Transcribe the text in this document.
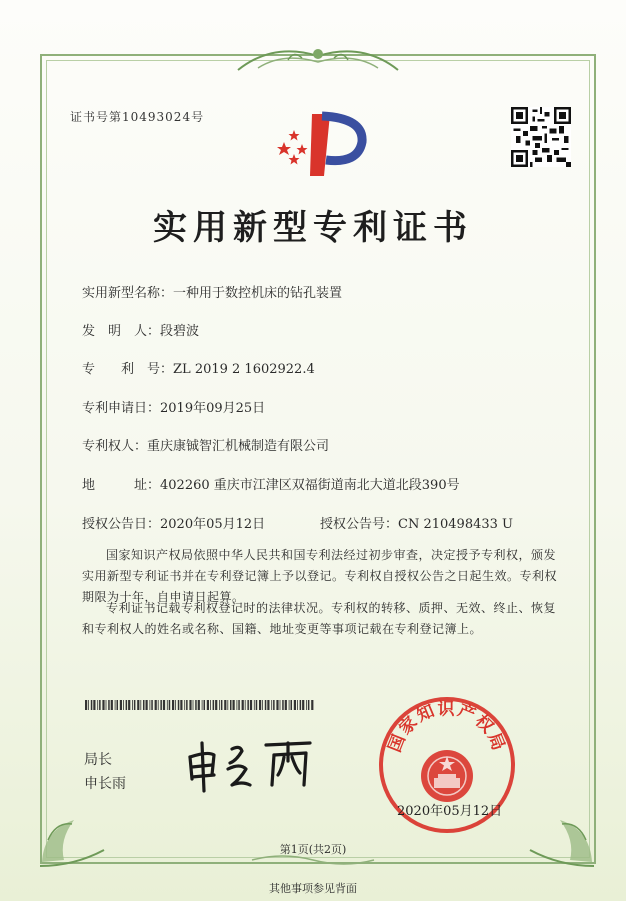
证书号第10493024号
实用新型专利证书
实用新型名称：一种用于数控机床的钻孔装置
发　明　人：段碧波
专　　利　号：ZL 2019 2 1602922.4
专利申请日：2019年09月25日
专利权人：重庆康铖智汇机械制造有限公司
地　　　址：402260 重庆市江津区双福街道南北大道北段390号
授权公告日：2020年05月12日	授权公告号：CN 210498433 U
国家知识产权局依照中华人民共和国专利法经过初步审查，决定授予专利权，颁发实用新型专利证书并在专利登记簿上予以登记。专利权自授权公告之日起生效。专利权期限为十年，自申请日起算。
专利证书记载专利权登记时的法律状况。专利权的转移、质押、无效、终止、恢复和专利权人的姓名或名称、国籍、地址变更等事项记载在专利登记簿上。
局长
申长雨
国家知识产权局
2020年05月12日
第1页(共2页)
其他事项参见背面
